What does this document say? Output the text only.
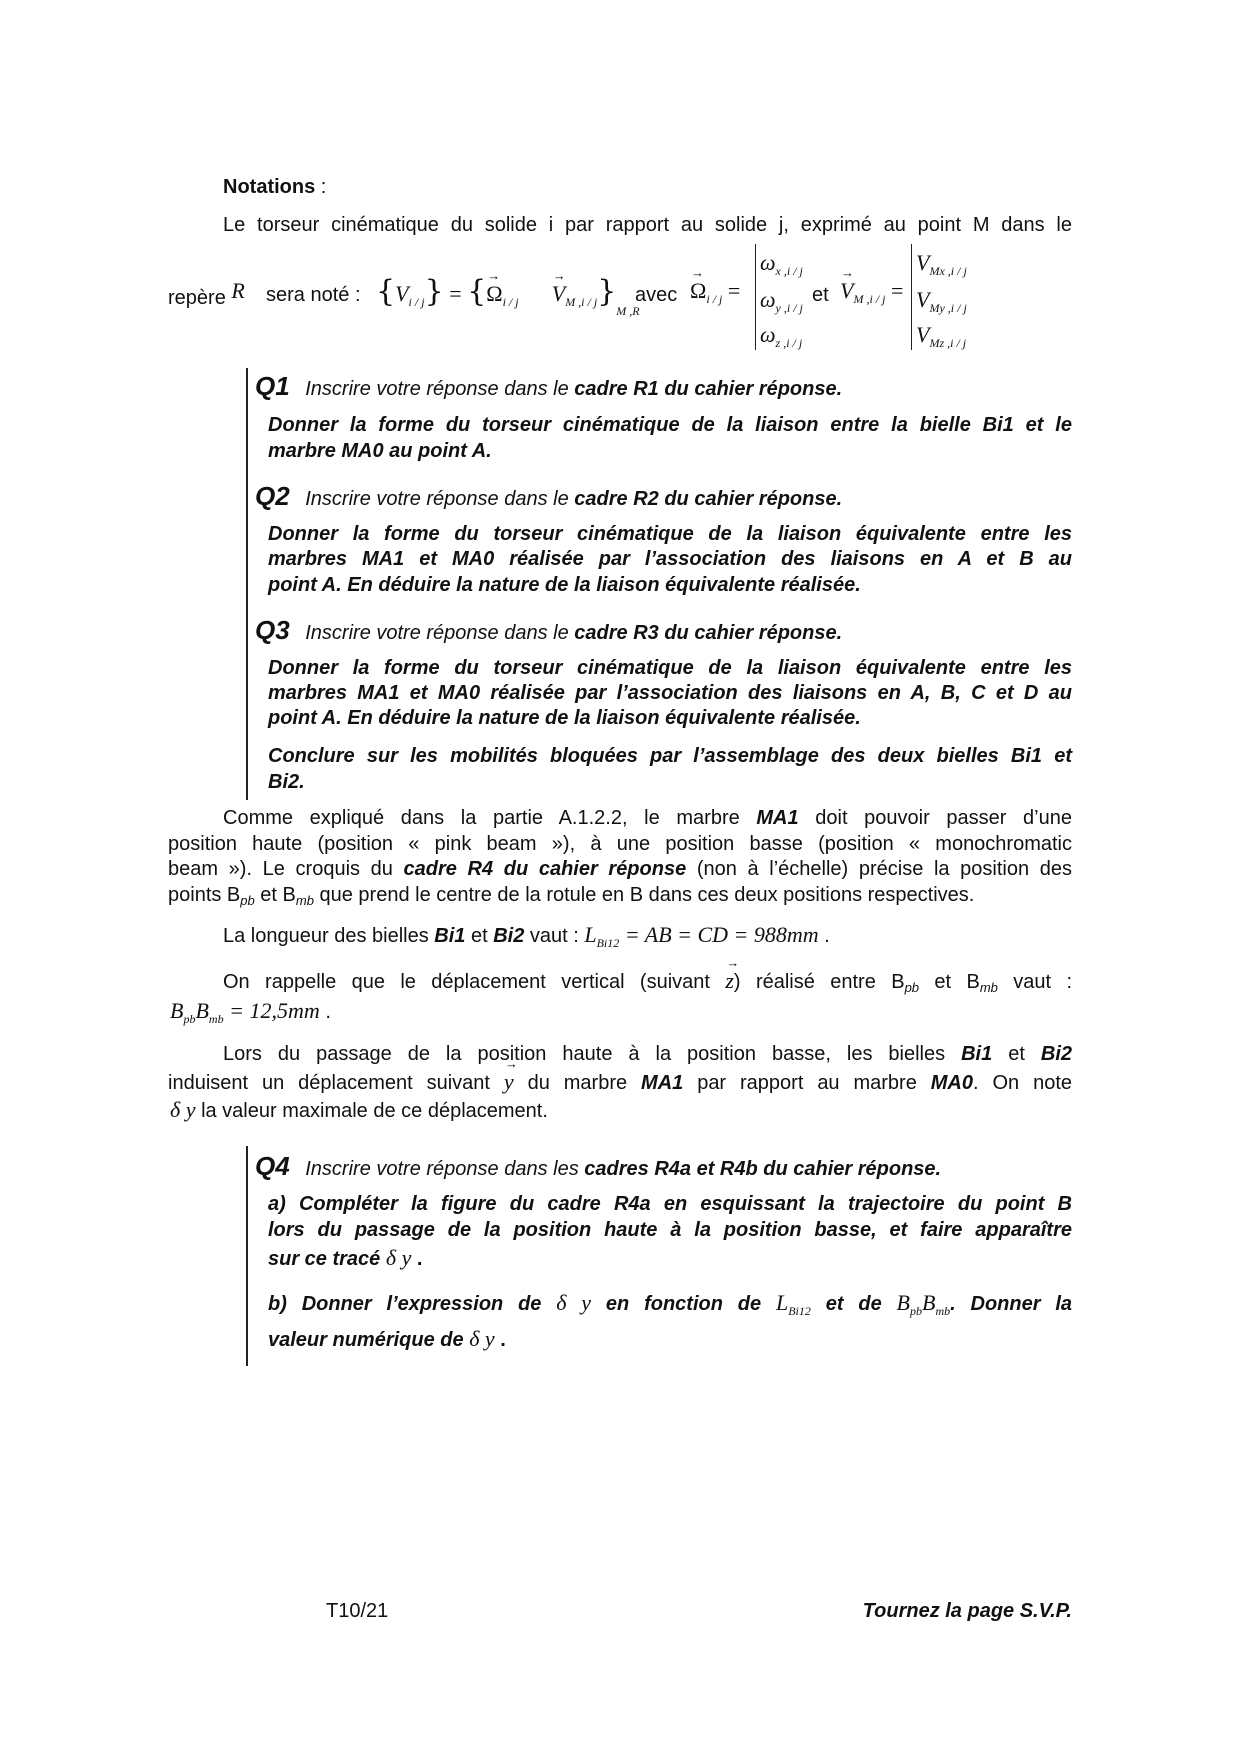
Notations :
Le torseur cinématique du solide i par rapport au solide j, exprimé au point M dans le
repère R sera noté : $\{V_{i / j}\}$ = {→ $\Omega_{i / j} \to V_{M ,i / j}\}_{M ,R}$
avec → $\Omega_{i / j}$ =
$\omega_{x ,i / j}$
$\omega_{y ,i / j}$
$\omega_{z ,i / j}$
et → $V_{M ,i / j}$ =
$V_{Mx ,i / j}$
$V_{My ,i / j}$
$V_{Mz ,i / j}$
Q1 Inscrire votre réponse dans le cadre R1 du cahier réponse.
Donner la forme du torseur cinématique de la liaison entre la bielle Bi1 et le
marbre MA0 au point A.
Q2 Inscrire votre réponse dans le cadre R2 du cahier réponse.
Donner la forme du torseur cinématique de la liaison équivalente entre les
marbres MA1 et MA0 réalisée par l’association des liaisons en A et B au
point A. En déduire la nature de la liaison équivalente réalisée.
Q3 Inscrire votre réponse dans le cadre R3 du cahier réponse.
Donner la forme du torseur cinématique de la liaison équivalente entre les
marbres MA1 et MA0 réalisée par l’association des liaisons en A, B, C et D au
point A. En déduire la nature de la liaison équivalente réalisée.
Conclure sur les mobilités bloquées par l’assemblage des deux bielles Bi1 et
Bi2.
Comme expliqué dans la partie A.1.2.2, le marbre MA1 doit pouvoir passer d’une
position haute (position « pink beam »), à une position basse (position « monochromatic
beam »). Le croquis du cadre R4 du cahier réponse (non à l’échelle) précise la position des
points $B_{pb}$ et $B_{mb}$ que prend le centre de la rotule en B dans ces deux positions respectives.
La longueur des bielles Bi1 et Bi2 vaut : $L_{Bi12}$ = AB = CD = 988mm .
On rappelle que le déplacement vertical (suivant → z) réalisé entre $B_{pb}$ et $B_{mb}$ vaut :
$B_{pb}B_{mb} = 12,5mm$ .
Lors du passage de la position haute à la position basse, les bielles Bi1 et Bi2
induisent un déplacement suivant → y du marbre MA1 par rapport au marbre MA0. On note
δ y la valeur maximale de ce déplacement.
Q4 Inscrire votre réponse dans les cadres R4a et R4b du cahier réponse.
a) Compléter la figure du cadre R4a en esquissant la trajectoire du point B
lors du passage de la position haute à la position basse, et faire apparaître
sur ce tracé δ y .
b) Donner l’expression de δ y en fonction de $L_{Bi12}$ et de $B_{pb}B_{mb}$. Donner la
valeur numérique de δ y .
T10/21	Tournez la page S.V.P.
